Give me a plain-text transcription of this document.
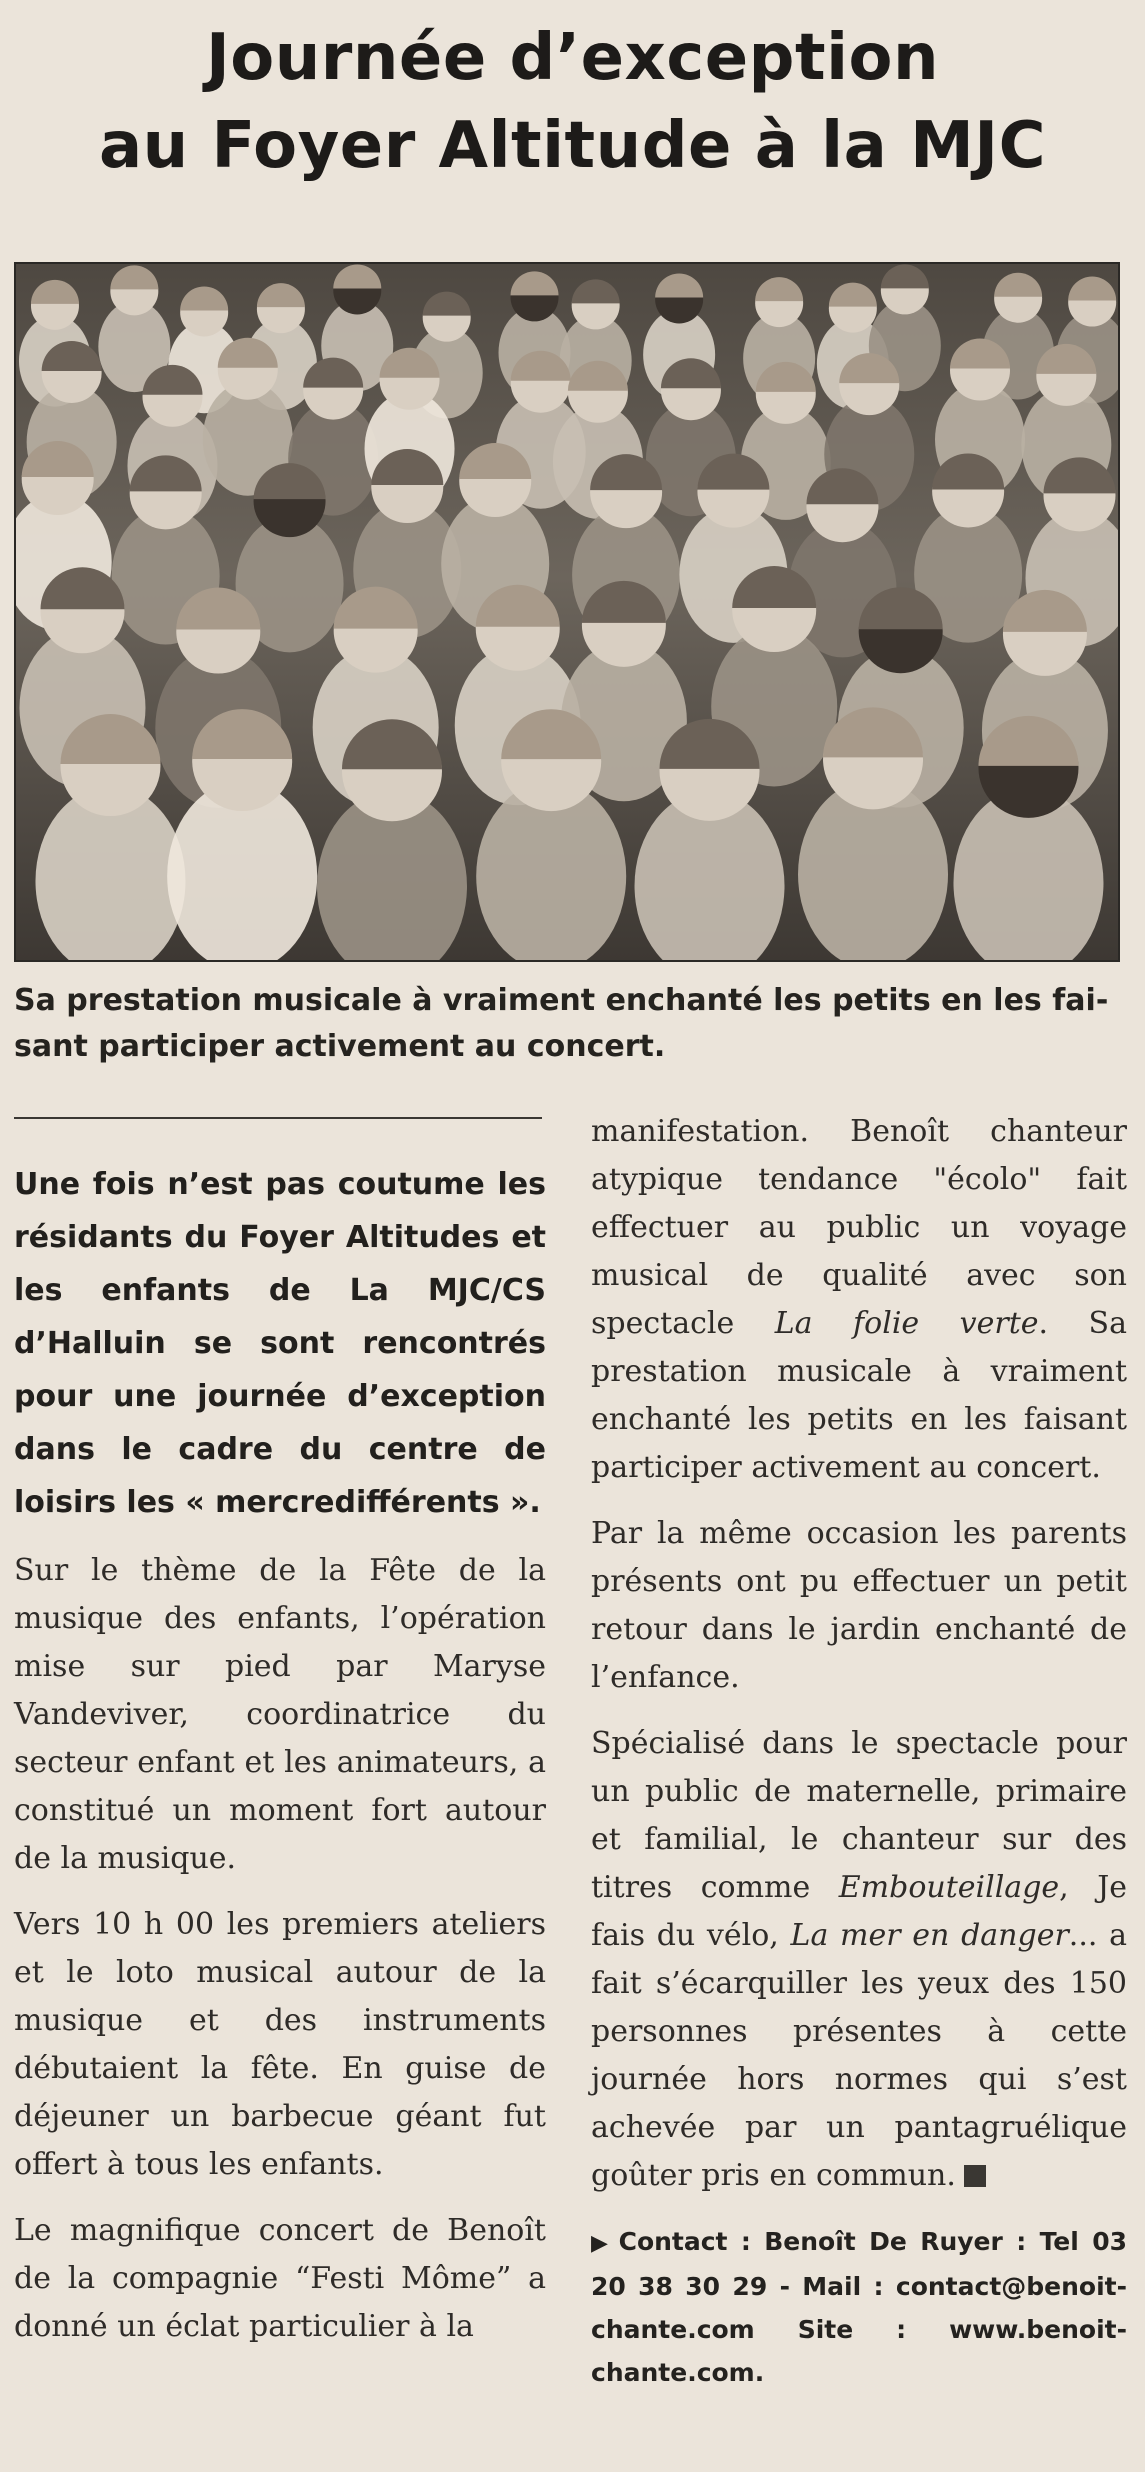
Journée d’exception
au Foyer Altitude à la MJC
Sa prestation musicale à vraiment enchanté les petits en les fai-
sant participer activement au concert.
Une fois n’est pas coutume les résidants du Foyer Altitudes et les enfants de La MJC/CS d’Halluin se sont rencontrés pour une journée d’exception dans le cadre du centre de loisirs les « mercredifférents ».
Sur le thème de la Fête de la musique des enfants, l’opération mise sur pied par Maryse Vandeviver, coordinatrice du secteur enfant et les animateurs, a constitué un moment fort autour de la musique.
Vers 10 h 00 les premiers ateliers et le loto musical autour de la musique et des instruments débutaient la fête. En guise de déjeuner un barbecue géant fut offert à tous les enfants.
Le magnifique concert de Benoît de la compagnie “Festi Môme” a donné un éclat particulier à la
manifestation. Benoît chanteur atypique tendance "écolo" fait effectuer au public un voyage musical de qualité avec son spectacle La folie verte. Sa prestation musicale à vraiment enchanté les petits en les faisant participer activement au concert.
Par la même occasion les parents présents ont pu effectuer un petit retour dans le jardin enchanté de l’enfance.
Spécialisé dans le spectacle pour un public de maternelle, primaire et familial, le chanteur sur des titres comme Embouteillage, Je fais du vélo, La mer en danger... a fait s’écarquiller les yeux des 150 personnes présentes à cette journée hors normes qui s’est achevée par un pantagruélique goûter pris en commun.
▶ Contact : Benoît De Ruyer : Tel 03 20 38 30 29 - Mail : contact@benoit-chante.com Site : www.benoit-chante.com.
